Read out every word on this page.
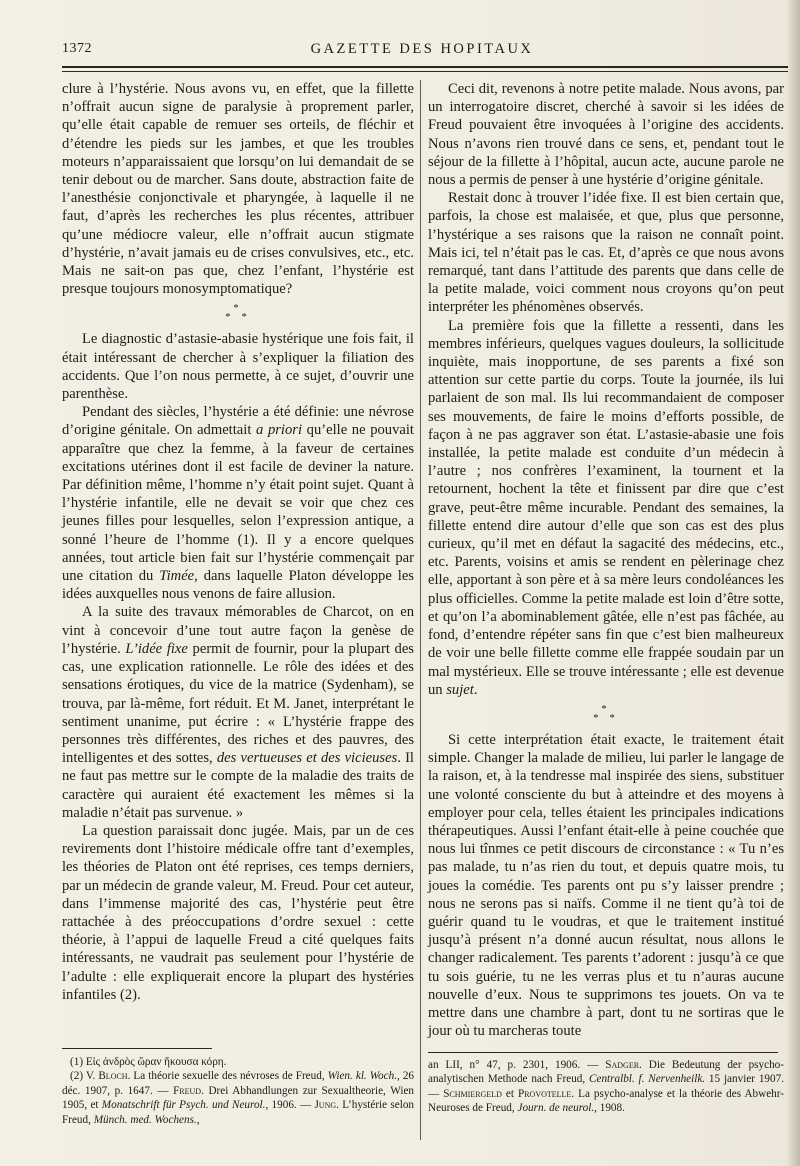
1372	GAZETTE DES HOPITAUX

clure à l’hystérie. Nous avons vu, en effet, que la fillette n’offrait aucun signe de paralysie à proprement parler, qu’elle était capable de remuer ses orteils, de fléchir et d’étendre les pieds sur les jambes, et que les troubles moteurs n’apparaissaient que lorsqu’on lui demandait de se tenir debout ou de marcher. Sans doute, abstraction faite de l’anesthésie conjonctivale et pharyngée, à laquelle il ne faut, d’après les recherches les plus récentes, attribuer qu’une médiocre valeur, elle n’offrait aucun stigmate d’hystérie, n’avait jamais eu de crises convulsives, etc., etc. Mais ne sait-on pas que, chez l’enfant, l’hystérie est presque toujours monosymptomatique?

*
* *

Le diagnostic d’astasie-abasie hystérique une fois fait, il était intéressant de chercher à s’expliquer la filiation des accidents. Que l’on nous permette, à ce sujet, d’ouvrir une parenthèse.

Pendant des siècles, l’hystérie a été définie: une névrose d’origine génitale. On admettait a priori qu’elle ne pouvait apparaître que chez la femme, à la faveur de certaines excitations utérines dont il est facile de deviner la nature. Par définition même, l’homme n’y était point sujet. Quant à l’hystérie infantile, elle ne devait se voir que chez ces jeunes filles pour lesquelles, selon l’expression antique, a sonné l’heure de l’homme (1). Il y a encore quelques années, tout article bien fait sur l’hystérie commençait par une citation du Timée, dans laquelle Platon développe les idées auxquelles nous venons de faire allusion.

A la suite des travaux mémorables de Charcot, on en vint à concevoir d’une tout autre façon la genèse de l’hystérie. L’idée fixe permit de fournir, pour la plupart des cas, une explication rationnelle. Le rôle des idées et des sensations érotiques, du vice de la matrice (Sydenham), se trouva, par là-même, fort réduit. Et M. Janet, interprétant le sentiment unanime, put écrire : « L’hystérie frappe des personnes très différentes, des riches et des pauvres, des intelligentes et des sottes, des vertueuses et des vicieuses. Il ne faut pas mettre sur le compte de la maladie des traits de caractère qui auraient été exactement les mêmes si la maladie n’était pas survenue. »

La question paraissait donc jugée. Mais, par un de ces revirements dont l’histoire médicale offre tant d’exemples, les théories de Platon ont été reprises, ces temps derniers, par un médecin de grande valeur, M. Freud. Pour cet auteur, dans l’immense majorité des cas, l’hystérie peut être rattachée à des préoccupations d’ordre sexuel : cette théorie, à l’appui de laquelle Freud a cité quelques faits intéressants, ne vaudrait pas seulement pour l’hystérie de l’adulte : elle expliquerait encore la plupart des hystéries infantiles (2).

Ceci dit, revenons à notre petite malade. Nous avons, par un interrogatoire discret, cherché à savoir si les idées de Freud pouvaient être invoquées à l’origine des accidents. Nous n’avons rien trouvé dans ce sens, et, pendant tout le séjour de la fillette à l’hôpital, aucun acte, aucune parole ne nous a permis de penser à une hystérie d’origine génitale.

Restait donc à trouver l’idée fixe. Il est bien certain que, parfois, la chose est malaisée, et que, plus que personne, l’hystérique a ses raisons que la raison ne connaît point. Mais ici, tel n’était pas le cas. Et, d’après ce que nous avons remarqué, tant dans l’attitude des parents que dans celle de la petite malade, voici comment nous croyons qu’on peut interpréter les phénomènes observés.

La première fois que la fillette a ressenti, dans les membres inférieurs, quelques vagues douleurs, la sollicitude inquiète, mais inopportune, de ses parents a fixé son attention sur cette partie du corps. Toute la journée, ils lui parlaient de son mal. Ils lui recommandaient de composer ses mouvements, de faire le moins d’efforts possible, de façon à ne pas aggraver son état. L’astasie-abasie une fois installée, la petite malade est conduite d’un médecin à l’autre ; nos confrères l’examinent, la tournent et la retournent, hochent la tête et finissent par dire que c’est grave, peut-être même incurable. Pendant des semaines, la fillette entend dire autour d’elle que son cas est des plus curieux, qu’il met en défaut la sagacité des médecins, etc., etc. Parents, voisins et amis se rendent en pèlerinage chez elle, apportant à son père et à sa mère leurs condoléances les plus officielles. Comme la petite malade est loin d’être sotte, et qu’on l’a abominablement gâtée, elle n’est pas fâchée, au fond, d’entendre répéter sans fin que c’est bien malheureux de voir une belle fillette comme elle frappée soudain par un mal mystérieux. Elle se trouve intéressante ; elle est devenue un sujet.

*
* *

Si cette interprétation était exacte, le traitement était simple. Changer la malade de milieu, lui parler le langage de la raison, et, à la tendresse mal inspirée des siens, substituer une volonté consciente du but à atteindre et des moyens à employer pour cela, telles étaient les principales indications thérapeutiques. Aussi l’enfant était-elle à peine couchée que nous lui tînmes ce petit discours de circonstance : « Tu n’es pas malade, tu n’as rien du tout, et depuis quatre mois, tu joues la comédie. Tes parents ont pu s’y laisser prendre ; nous ne serons pas si naïfs. Comme il ne tient qu’à toi de guérir quand tu le voudras, et que le traitement institué jusqu’à présent n’a donné aucun résultat, nous allons le changer radicalement. Tes parents t’adorent : jusqu’à ce que tu sois guérie, tu ne les verras plus et tu n’auras aucune nouvelle d’eux. Nous te supprimons tes jouets. On va te mettre dans une chambre à part, dont tu ne sortiras que le jour où tu marcheras toute

(1) Εἰς ἀνδρὸς ὥραν ἥκουσα κόρη.

(2) V. Bloch. La théorie sexuelle des névroses de Freud, Wien. kl. Woch., 26 déc. 1907, p. 1647. — Freud. Drei Abhandlungen zur Sexualtheorie, Wien 1905, et Monatschrift für Psych. und Neurol., 1906. — Jung. L’hystérie selon Freud, Münch. med. Wochens.,

an LII, n° 47, p. 2301, 1906. — Sadger. Die Bedeutung der psycho-analytischen Methode nach Freud, Centralbl. f. Nervenheilk. 15 janvier 1907. — Schmiergeld et Provotelle. La psycho-analyse et la théorie des Abwehr-Neuroses de Freud, Journ. de neurol., 1908.
